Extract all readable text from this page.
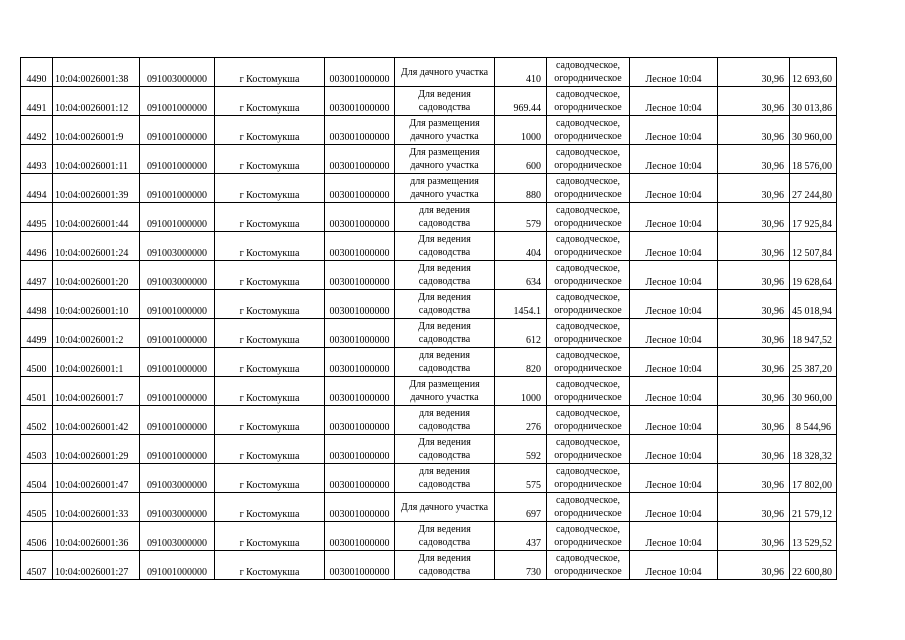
4490	10:04:0026001:38	091003000000	г Костомукша	003001000000	Для дачного участка	410	садоводческое,
огородническое	Лесное 10:04	30,96	12 693,60
4491	10:04:0026001:12	091001000000	г Костомукша	003001000000	Для ведения
садоводства	969.44	садоводческое,
огородническое	Лесное 10:04	30,96	30 013,86
4492	10:04:0026001:9	091001000000	г Костомукша	003001000000	Для размещения
дачного участка	1000	садоводческое,
огородническое	Лесное 10:04	30,96	30 960,00
4493	10:04:0026001:11	091001000000	г Костомукша	003001000000	Для размещения
дачного участка	600	садоводческое,
огородническое	Лесное 10:04	30,96	18 576,00
4494	10:04:0026001:39	091001000000	г Костомукша	003001000000	для размещения
дачного участка	880	садоводческое,
огородническое	Лесное 10:04	30,96	27 244,80
4495	10:04:0026001:44	091001000000	г Костомукша	003001000000	для ведения
садоводства	579	садоводческое,
огородническое	Лесное 10:04	30,96	17 925,84
4496	10:04:0026001:24	091003000000	г Костомукша	003001000000	Для ведения
садоводства	404	садоводческое,
огородническое	Лесное 10:04	30,96	12 507,84
4497	10:04:0026001:20	091003000000	г Костомукша	003001000000	Для ведения
садоводства	634	садоводческое,
огородническое	Лесное 10:04	30,96	19 628,64
4498	10:04:0026001:10	091001000000	г Костомукша	003001000000	Для ведения
садоводства	1454.1	садоводческое,
огородническое	Лесное 10:04	30,96	45 018,94
4499	10:04:0026001:2	091001000000	г Костомукша	003001000000	Для ведения
садоводства	612	садоводческое,
огородническое	Лесное 10:04	30,96	18 947,52
4500	10:04:0026001:1	091001000000	г Костомукша	003001000000	для ведения
садоводства	820	садоводческое,
огородническое	Лесное 10:04	30,96	25 387,20
4501	10:04:0026001:7	091001000000	г Костомукша	003001000000	Для размещения
дачного участка	1000	садоводческое,
огородническое	Лесное 10:04	30,96	30 960,00
4502	10:04:0026001:42	091001000000	г Костомукша	003001000000	для ведения
садоводства	276	садоводческое,
огородническое	Лесное 10:04	30,96	8 544,96
4503	10:04:0026001:29	091001000000	г Костомукша	003001000000	Для ведения
садоводства	592	садоводческое,
огородническое	Лесное 10:04	30,96	18 328,32
4504	10:04:0026001:47	091003000000	г Костомукша	003001000000	для ведения
садоводства	575	садоводческое,
огородническое	Лесное 10:04	30,96	17 802,00
4505	10:04:0026001:33	091003000000	г Костомукша	003001000000	Для дачного участка	697	садоводческое,
огородническое	Лесное 10:04	30,96	21 579,12
4506	10:04:0026001:36	091003000000	г Костомукша	003001000000	Для ведения
садоводства	437	садоводческое,
огородническое	Лесное 10:04	30,96	13 529,52
4507	10:04:0026001:27	091001000000	г Костомукша	003001000000	Для ведения
садоводства	730	садоводческое,
огородническое	Лесное 10:04	30,96	22 600,80
